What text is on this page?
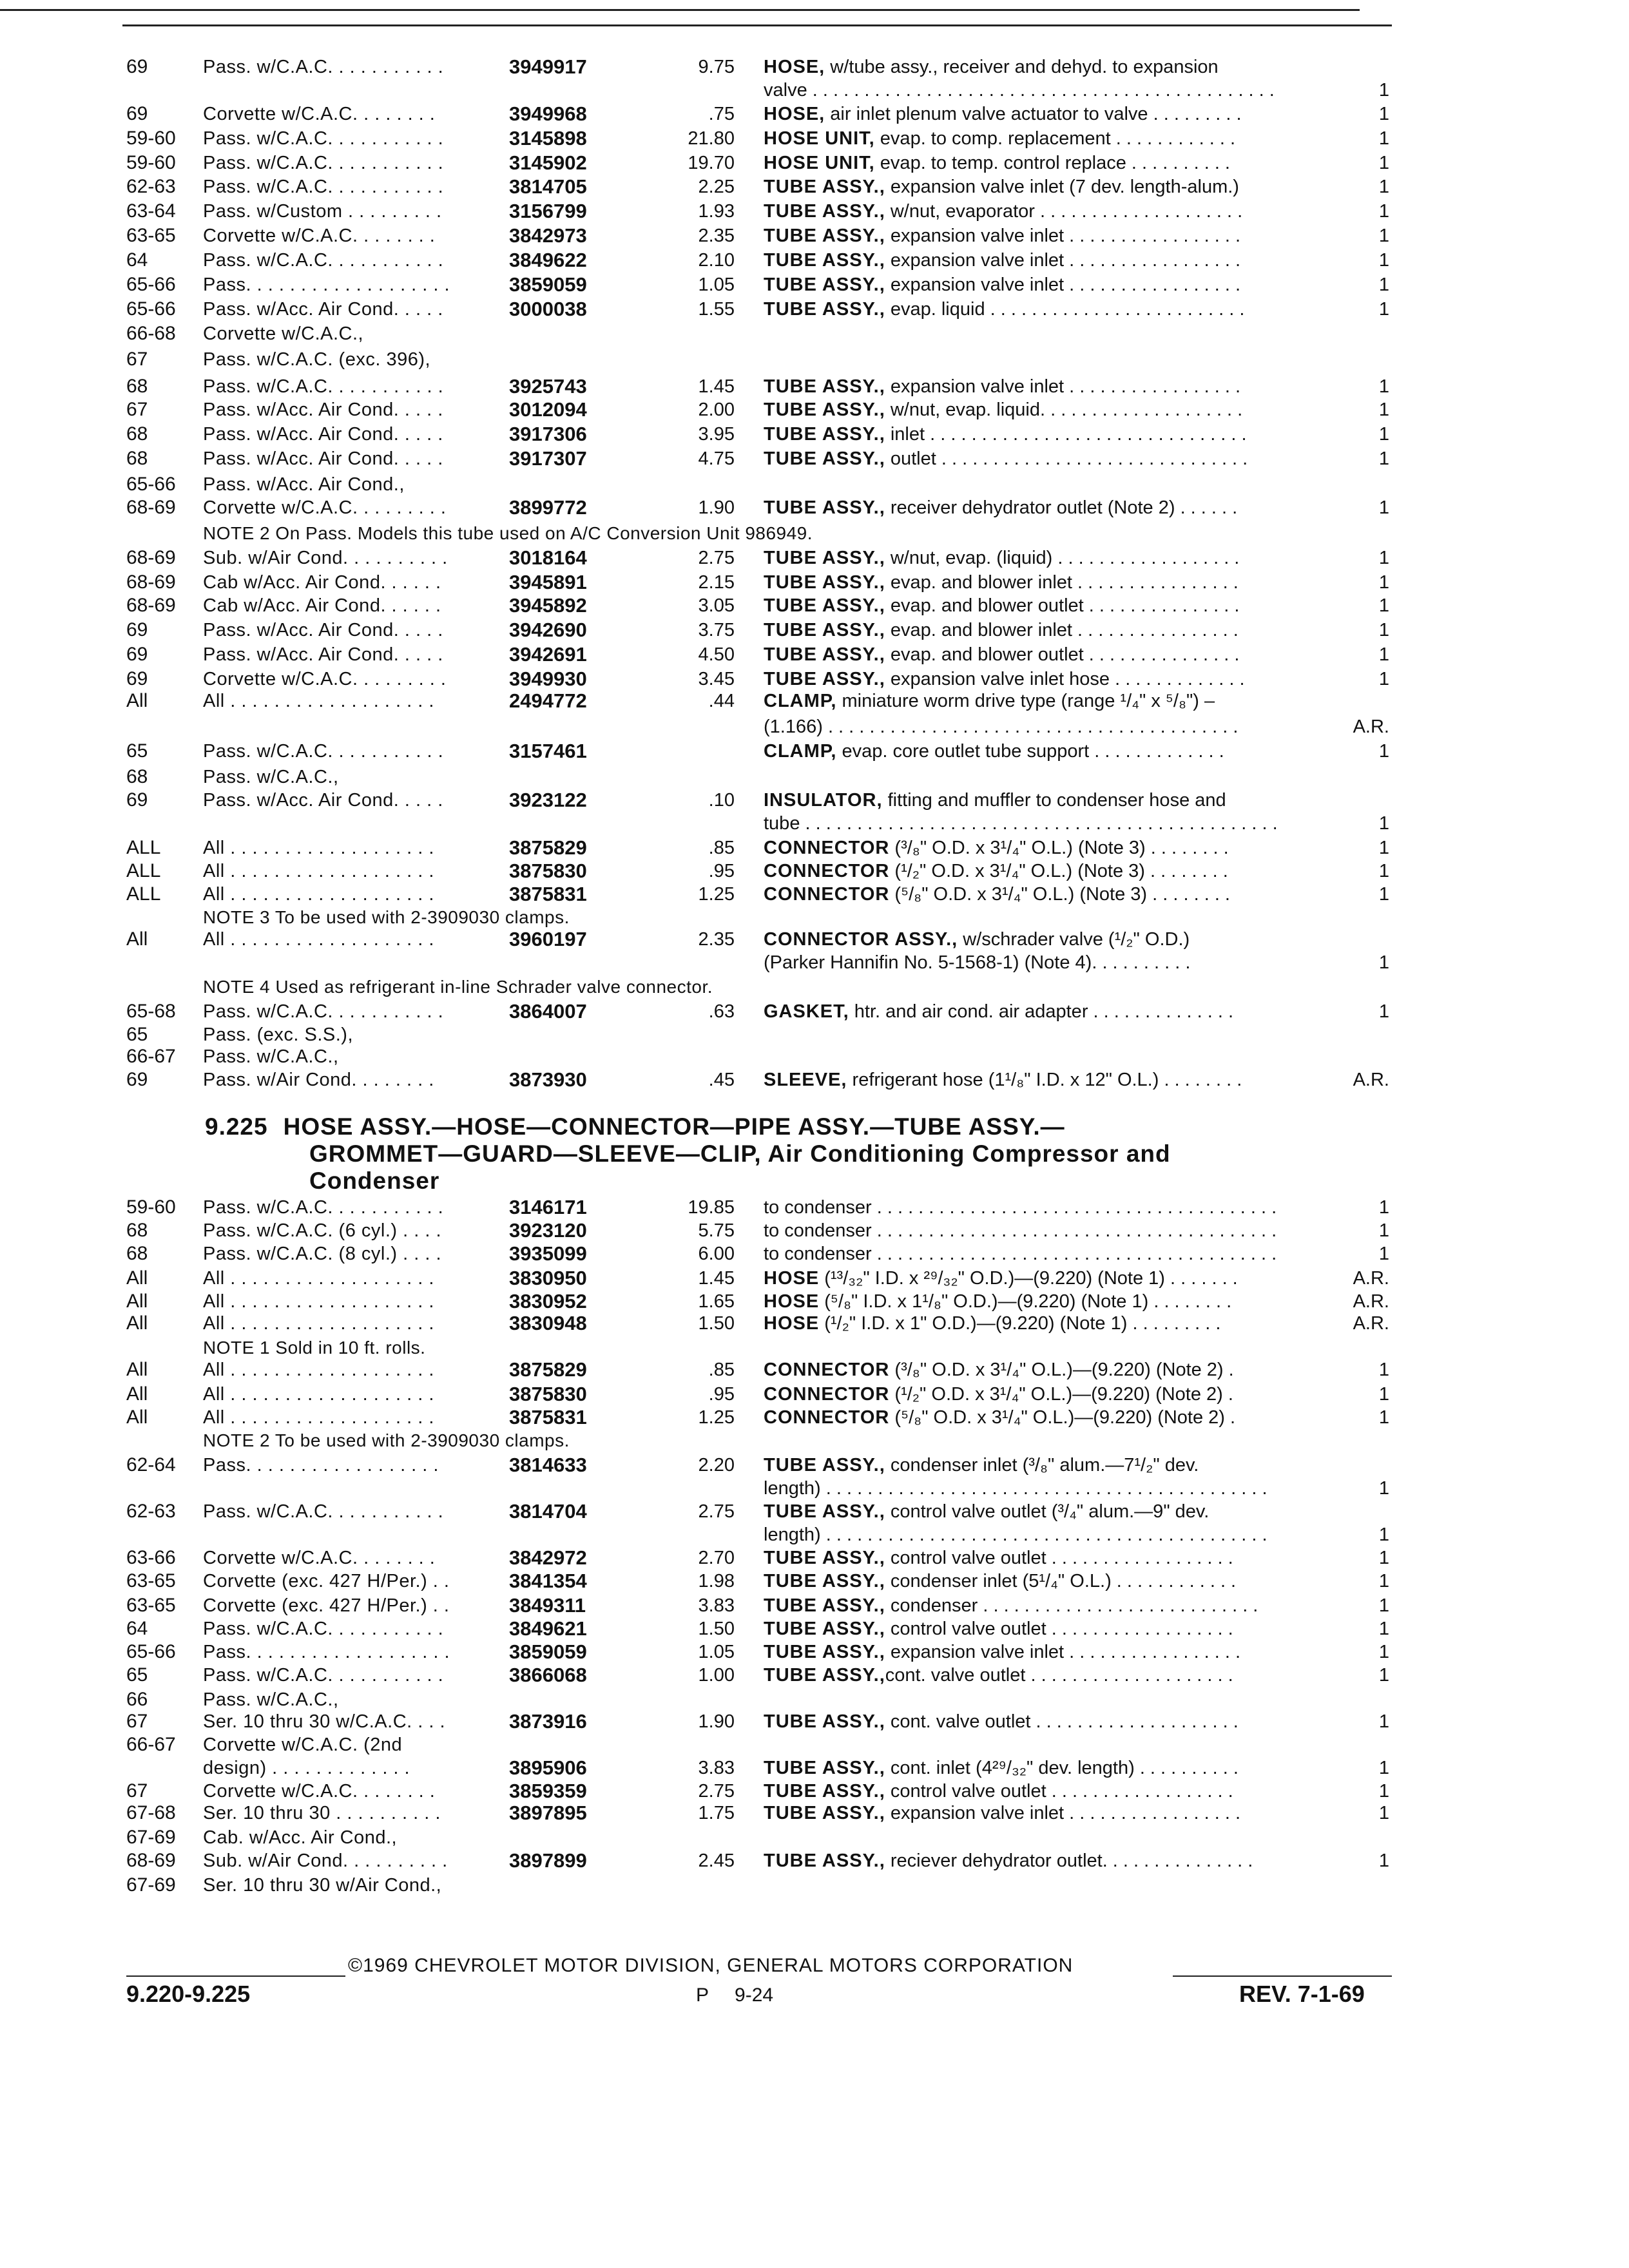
69	Pass. w/C.A.C. . . . . . . . . . .	3949917	9.75 HOSE, w/tube assy., receiver and dehyd. to expansion
valve . . . . . . . . . . . . . . . . . . . . . . . . . . . . . . . . . . . . . . . . . . . . .	1
69	Corvette w/C.A.C. . . . . . . .	3949968	.75 HOSE, air inlet plenum valve actuator to valve . . . . . . . . .	1
59-60 Pass. w/C.A.C. . . . . . . . . . .	3145898	21.80 HOSE UNIT, evap. to comp. replacement . . . . . . . . . . . .	1
59-60 Pass. w/C.A.C. . . . . . . . . . .	3145902	19.70 HOSE UNIT, evap. to temp. control replace . . . . . . . . . .	1
62-63 Pass. w/C.A.C. . . . . . . . . . .	3814705	2.25 TUBE ASSY., expansion valve inlet (7 dev. length-alum.)	1
63-64 Pass. w/Custom . . . . . . . . .	3156799	1.93 TUBE ASSY., w/nut, evaporator . . . . . . . . . . . . . . . . . . . .	1
63-65 Corvette w/C.A.C. . . . . . . .	3842973	2.35 TUBE ASSY., expansion valve inlet . . . . . . . . . . . . . . . . .	1
64	Pass. w/C.A.C. . . . . . . . . . .	3849622	2.10 TUBE ASSY., expansion valve inlet . . . . . . . . . . . . . . . . .	1
65-66 Pass. . . . . . . . . . . . . . . . . . .	3859059	1.05 TUBE ASSY., expansion valve inlet . . . . . . . . . . . . . . . . .	1
65-66 Pass. w/Acc. Air Cond. . . . .	3000038	1.55 TUBE ASSY., evap. liquid . . . . . . . . . . . . . . . . . . . . . . . . .	1
66-68 Corvette w/C.A.C.,
67	Pass. w/C.A.C. (exc. 396),
68	Pass. w/C.A.C. . . . . . . . . . .	3925743	1.45 TUBE ASSY., expansion valve inlet . . . . . . . . . . . . . . . . .	1
67	Pass. w/Acc. Air Cond. . . . .	3012094	2.00 TUBE ASSY., w/nut, evap. liquid. . . . . . . . . . . . . . . . . . . .	1
68	Pass. w/Acc. Air Cond. . . . .	3917306	3.95 TUBE ASSY., inlet . . . . . . . . . . . . . . . . . . . . . . . . . . . . . . .	1
68	Pass. w/Acc. Air Cond. . . . .	3917307	4.75 TUBE ASSY., outlet . . . . . . . . . . . . . . . . . . . . . . . . . . . . . .	1
65-66 Pass. w/Acc. Air Cond.,
68-69 Corvette w/C.A.C. . . . . . . . .	3899772	1.90 TUBE ASSY., receiver dehydrator outlet (Note 2) . . . . . .	1
NOTE 2 On Pass. Models this tube used on A/C Conversion Unit 986949.
68-69 Sub. w/Air Cond. . . . . . . . . .	3018164	2.75 TUBE ASSY., w/nut, evap. (liquid) . . . . . . . . . . . . . . . . . .	1
68-69 Cab w/Acc. Air Cond. . . . . .	3945891	2.15 TUBE ASSY., evap. and blower inlet . . . . . . . . . . . . . . . .	1
68-69 Cab w/Acc. Air Cond. . . . . .	3945892	3.05 TUBE ASSY., evap. and blower outlet . . . . . . . . . . . . . . .	1
69	Pass. w/Acc. Air Cond. . . . .	3942690	3.75 TUBE ASSY., evap. and blower inlet . . . . . . . . . . . . . . . .	1
69	Pass. w/Acc. Air Cond. . . . .	3942691	4.50 TUBE ASSY., evap. and blower outlet . . . . . . . . . . . . . . .	1
69	Corvette w/C.A.C. . . . . . . . .	3949930	3.45 TUBE ASSY., expansion valve inlet hose . . . . . . . . . . . . .	1
All	All . . . . . . . . . . . . . . . . . . .	2494772	.44 CLAMP, miniature worm drive type (range ¹/₄" x ⁵/₈") –
(1.166) . . . . . . . . . . . . . . . . . . . . . . . . . . . . . . . . . . . . . . . .	A.R.
65	Pass. w/C.A.C. . . . . . . . . . .	3157461	CLAMP, evap. core outlet tube support . . . . . . . . . . . . .	1
68	Pass. w/C.A.C.,
69	Pass. w/Acc. Air Cond. . . . .	3923122	.10 INSULATOR, fitting and muffler to condenser hose and
tube . . . . . . . . . . . . . . . . . . . . . . . . . . . . . . . . . . . . . . . . . . . . . .	1
ALL All . . . . . . . . . . . . . . . . . . .	3875829	.85 CONNECTOR (³/₈" O.D. x 3¹/₄" O.L.) (Note 3) . . . . . . . .	1
ALL All . . . . . . . . . . . . . . . . . . .	3875830	.95 CONNECTOR (¹/₂" O.D. x 3¹/₄" O.L.) (Note 3) . . . . . . . .	1
ALL All . . . . . . . . . . . . . . . . . . .	3875831	1.25 CONNECTOR (⁵/₈" O.D. x 3¹/₄" O.L.) (Note 3) . . . . . . . .	1
NOTE 3 To be used with 2-3909030 clamps.
All	All . . . . . . . . . . . . . . . . . . .	3960197	2.35 CONNECTOR ASSY., w/schrader valve (¹/₂" O.D.)
(Parker Hannifin No. 5-1568-1) (Note 4). . . . . . . . . .	1
NOTE 4 Used as refrigerant in-line Schrader valve connector.
65-68 Pass. w/C.A.C. . . . . . . . . . .	3864007	.63 GASKET, htr. and air cond. air adapter . . . . . . . . . . . . . .	1
65	Pass. (exc. S.S.),
66-67 Pass. w/C.A.C.,
69	Pass. w/Air Cond. . . . . . . .	3873930	.45 SLEEVE, refrigerant hose (1¹/₈" I.D. x 12" O.L.) . . . . . . . .	A.R.
59-60 Pass. w/C.A.C. . . . . . . . . . .	3146171	19.85 to condenser . . . . . . . . . . . . . . . . . . . . . . . . . . . . . . . . . . . . . . .	1
68	Pass. w/C.A.C. (6 cyl.) . . . .	3923120	5.75 to condenser . . . . . . . . . . . . . . . . . . . . . . . . . . . . . . . . . . . . . . .	1
68	Pass. w/C.A.C. (8 cyl.) . . . .	3935099	6.00 to condenser . . . . . . . . . . . . . . . . . . . . . . . . . . . . . . . . . . . . . . .	1
All	All . . . . . . . . . . . . . . . . . . .	3830950	1.45 HOSE (¹³/₃₂" I.D. x ²⁹/₃₂" O.D.)—(9.220) (Note 1) . . . . . . .	A.R.
All	All . . . . . . . . . . . . . . . . . . .	3830952	1.65 HOSE (⁵/₈" I.D. x 1¹/₈" O.D.)—(9.220) (Note 1) . . . . . . . .	A.R.
All	All . . . . . . . . . . . . . . . . . . .	3830948	1.50 HOSE (¹/₂" I.D. x 1" O.D.)—(9.220) (Note 1) . . . . . . . . .	A.R.
NOTE 1 Sold in 10 ft. rolls.
All	All . . . . . . . . . . . . . . . . . . .	3875829	.85 CONNECTOR (³/₈" O.D. x 3¹/₄" O.L.)—(9.220) (Note 2) .	1
All	All . . . . . . . . . . . . . . . . . . .	3875830	.95 CONNECTOR (¹/₂" O.D. x 3¹/₄" O.L.)—(9.220) (Note 2) .	1
All	All . . . . . . . . . . . . . . . . . . .	3875831	1.25 CONNECTOR (⁵/₈" O.D. x 3¹/₄" O.L.)—(9.220) (Note 2) .	1
NOTE 2 To be used with 2-3909030 clamps.
62-64 Pass. . . . . . . . . . . . . . . . . .	3814633	2.20 TUBE ASSY., condenser inlet (³/₈" alum.—7¹/₂" dev.
length) . . . . . . . . . . . . . . . . . . . . . . . . . . . . . . . . . . . . . . . . . . .	1
62-63 Pass. w/C.A.C. . . . . . . . . . .	3814704	2.75 TUBE ASSY., control valve outlet (³/₄" alum.—9" dev.
length) . . . . . . . . . . . . . . . . . . . . . . . . . . . . . . . . . . . . . . . . . . .	1
63-66 Corvette w/C.A.C. . . . . . . .	3842972	2.70 TUBE ASSY., control valve outlet . . . . . . . . . . . . . . . . . .	1
63-65 Corvette (exc. 427 H/Per.) . .	3841354	1.98 TUBE ASSY., condenser inlet (5¹/₄" O.L.) . . . . . . . . . . . .	1
63-65 Corvette (exc. 427 H/Per.) . .	3849311	3.83 TUBE ASSY., condenser . . . . . . . . . . . . . . . . . . . . . . . . . . .	1
64	Pass. w/C.A.C. . . . . . . . . . .	3849621	1.50 TUBE ASSY., control valve outlet . . . . . . . . . . . . . . . . . .	1
65-66 Pass. . . . . . . . . . . . . . . . . . .	3859059	1.05 TUBE ASSY., expansion valve inlet . . . . . . . . . . . . . . . . .	1
65	Pass. w/C.A.C. . . . . . . . . . .	3866068	1.00 TUBE ASSY.,cont. valve outlet . . . . . . . . . . . . . . . . . . . .	1
66	Pass. w/C.A.C.,
67	Ser. 10 thru 30 w/C.A.C. . . .	3873916	1.90 TUBE ASSY., cont. valve outlet . . . . . . . . . . . . . . . . . . . .	1
66-67 Corvette w/C.A.C. (2nd
design) . . . . . . . . . . . . .	3895906	3.83 TUBE ASSY., cont. inlet (4²⁹/₃₂" dev. length) . . . . . . . . . .	1
67	Corvette w/C.A.C. . . . . . . .	3859359	2.75 TUBE ASSY., control valve outlet . . . . . . . . . . . . . . . . . .	1
67-68 Ser. 10 thru 30 . . . . . . . . . .	3897895	1.75 TUBE ASSY., expansion valve inlet . . . . . . . . . . . . . . . . .	1
67-69 Cab. w/Acc. Air Cond.,
68-69 Sub. w/Air Cond. . . . . . . . . .	3897899	2.45 TUBE ASSY., reciever dehydrator outlet. . . . . . . . . . . . . . .	1
67-69 Ser. 10 thru 30 w/Air Cond.,
9.225 HOSE ASSY.—HOSE—CONNECTOR—PIPE ASSY.—TUBE ASSY.—
GROMMET—GUARD—SLEEVE—CLIP, Air Conditioning Compressor and
Condenser
©1969 CHEVROLET MOTOR DIVISION, GENERAL MOTORS CORPORATION
9.220-9.225	P 9-24	REV. 7-1-69
